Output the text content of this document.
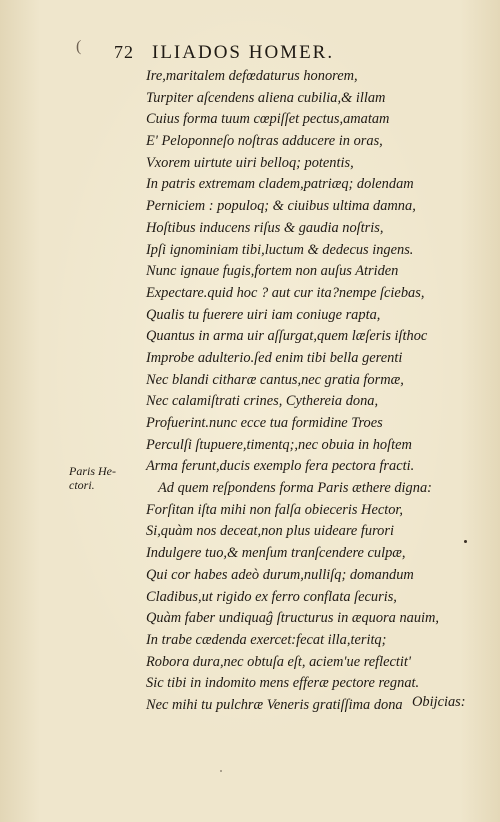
( 72 ILIADOS HOMER.
Ire,maritalem defœdaturus honorem,
Turpiter aſcendens aliena cubilia,& illam
Cuius forma tuum cœpiſſet pectus,amatam
E' Peloponneſo noſtras adducere in oras,
Vxorem uirtute uiri belloq; potentis,
In patris extremam cladem,patriæq; dolendam
Perniciem : populoq; & ciuibus ultima damna,
Hoſtibus inducens riſus & gaudia noſtris,
Ipſi ignominiam tibi,luctum & dedecus ingens.
Nunc ignaue fugis,fortem non auſus Atriden
Expectare.quid hoc ? aut cur ita?nempe ſciebas,
Qualis tu fuerere uiri iam coniuge rapta,
Quantus in arma uir aſſurgat,quem læſeris iſthoc
Improbe adulterio.ſed enim tibi bella gerenti
Nec blandi citharæ cantus,nec gratia formæ,
Nec calamiſtrati crines, Cythereia dona,
Profuerint.nunc ecce tua formidine Troes
Perculſi ſtupuere,timentq;,nec obuia in hoſtem
Arma ferunt,ducis exemplo fera pectora fracti.
Ad quem reſpondens forma Paris æthere digna:
Forſitan iſta mihi non falſa obieceris Hector,
Si,quàm nos deceat,non plus uideare furori
Indulgere tuo,& menſum tranſcendere culpæ,
Qui cor habes adeò durum,nulliſq; domandum
Cladibus,ut rigido ex ferro conflata ſecuris,
Quàm faber undiquaĝ ſtructurus in æquora nauim,
In trabe cædenda exercet:fecat illa,teritq;
Robora dura,nec obtuſa eſt, aciem'ue reflectit'
Sic tibi in indomito mens efferæ pectore regnat.
Nec mihi tu pulchræ Veneris gratiſſima dona
Paris He-
ctori.
Obijcias:
